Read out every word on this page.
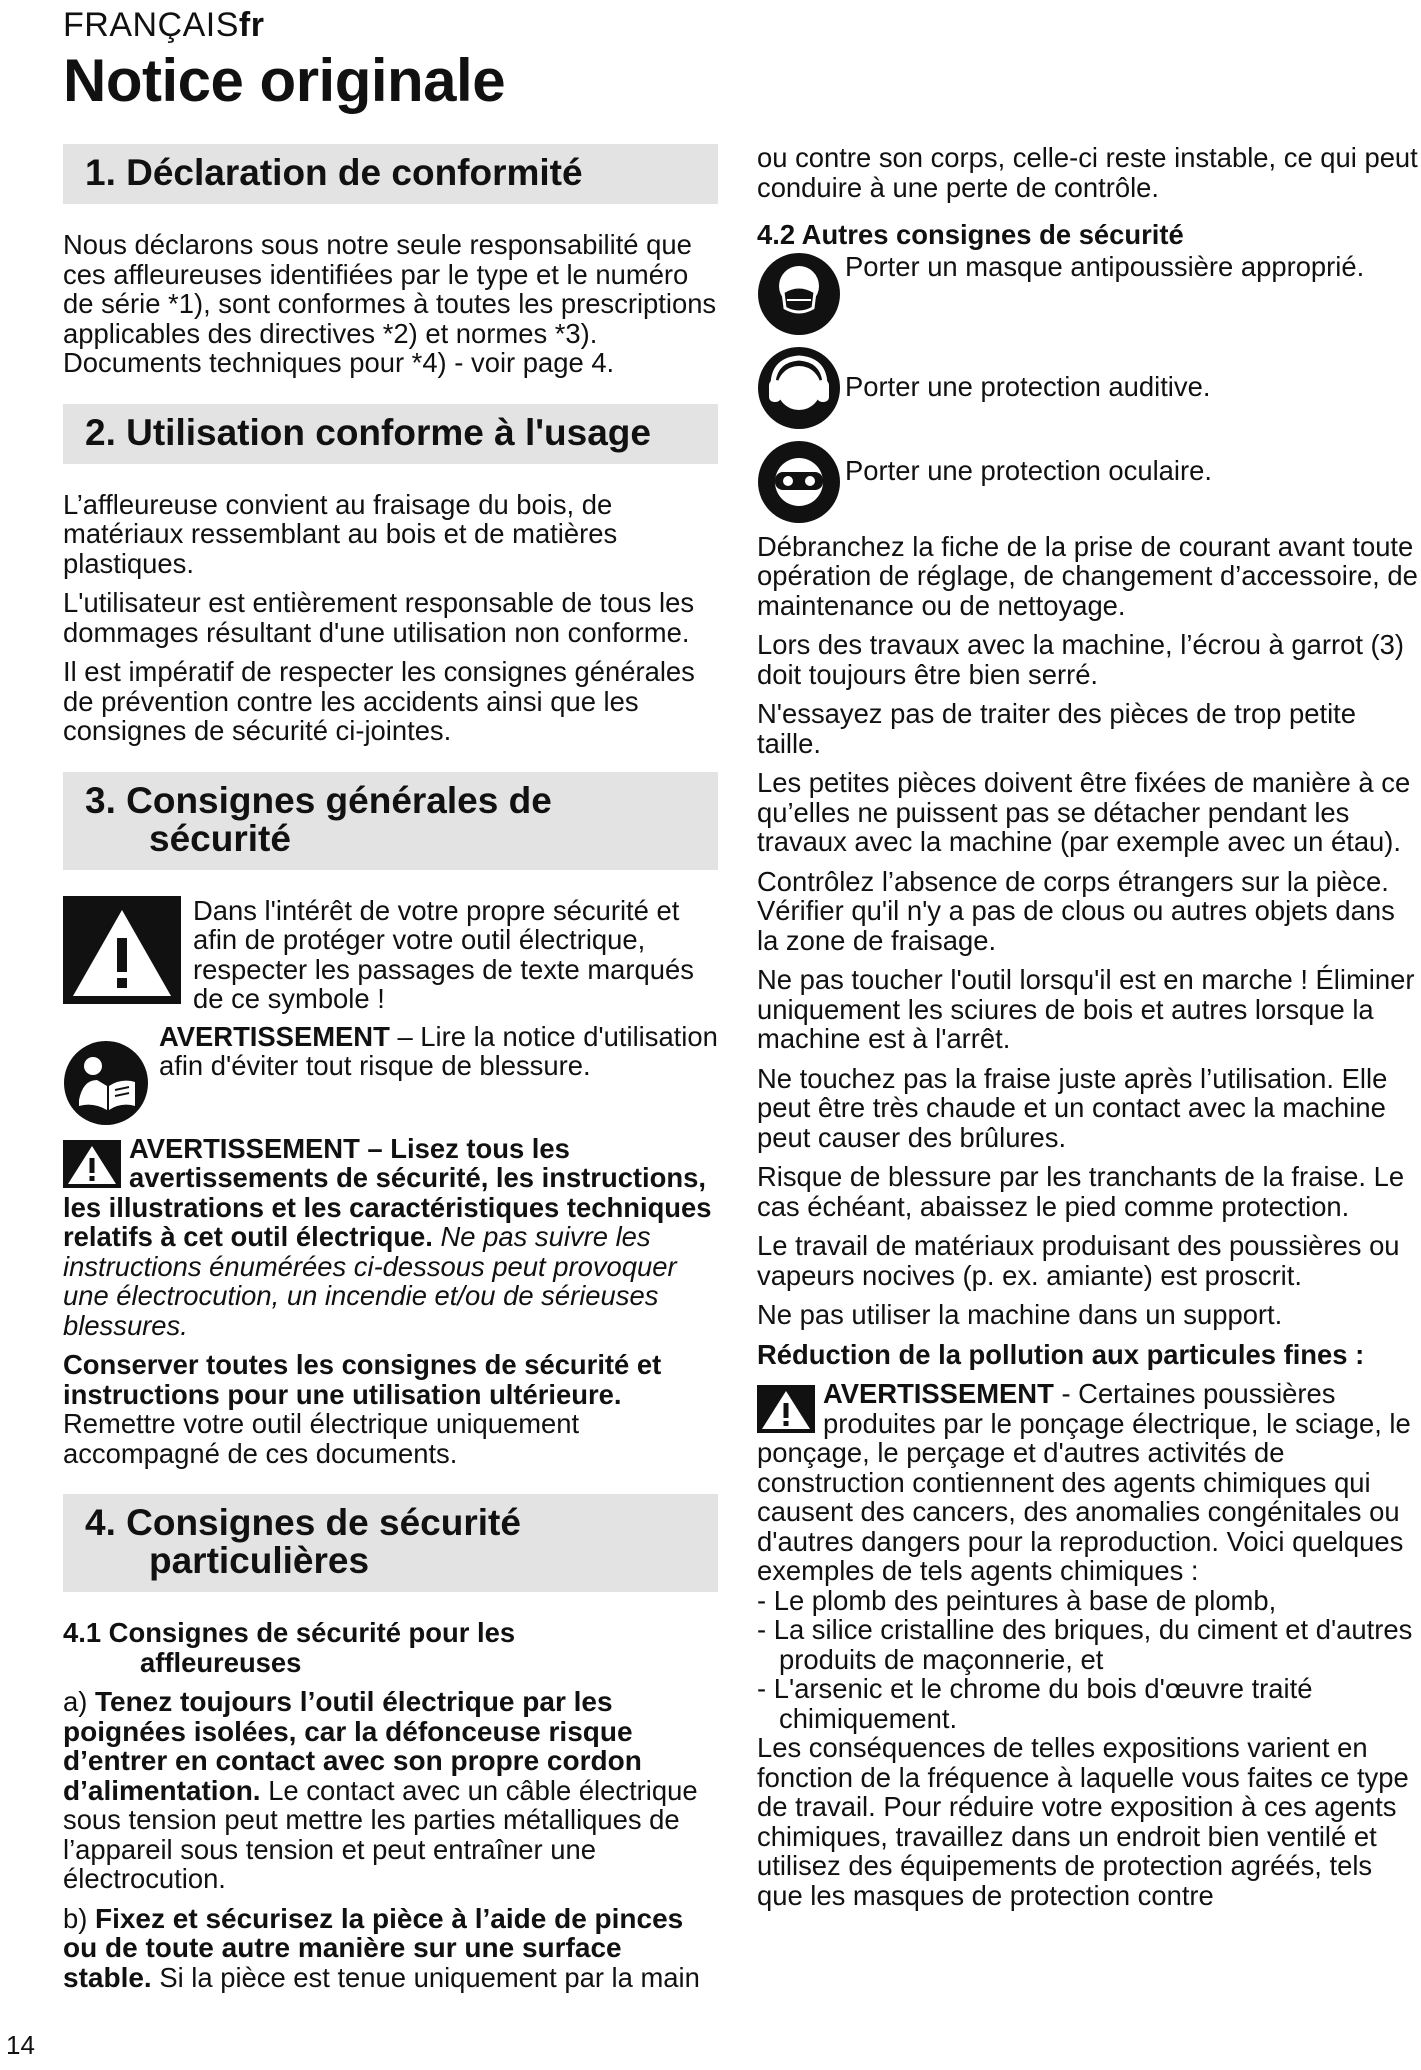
FRANÇAISfr
Notice originale
1. Déclaration de conformité

Nous déclarons sous notre seule responsabilité que ces affleureuses identifiées par le type et le numéro de série *1), sont conformes à toutes les prescriptions applicables des directives *2) et normes *3). Documents techniques pour *4) - voir page 4.

2. Utilisation conforme à l'usage

L’affleureuse convient au fraisage du bois, de matériaux ressemblant au bois et de matières plastiques.

L'utilisateur est entièrement responsable de tous les dommages résultant d'une utilisation non conforme.

Il est impératif de respecter les consignes générales de prévention contre les accidents ainsi que les consignes de sécurité ci-jointes.

3. Consignes générales de
sécurité
Dans l'intérêt de votre propre sécurité et afin de protéger votre outil électrique, respecter les passages de texte marqués de ce symbole !
AVERTISSEMENT – Lire la notice d'utilisation afin d'éviter tout risque de blessure.

AVERTISSEMENT – Lisez tous les avertissements de sécurité, les instructions, les illustrations et les caractéristiques techniques relatifs à cet outil électrique. Ne pas suivre les instructions énumérées ci-dessous peut provoquer une électrocution, un incendie et/ou de sérieuses blessures.

Conserver toutes les consignes de sécurité et instructions pour une utilisation ultérieure. Remettre votre outil électrique uniquement accompagné de ces documents.

4. Consignes de sécurité
particulières
4.1 Consignes de sécurité pour les
affleureuses

a) Tenez toujours l’outil électrique par les poignées isolées, car la défonceuse risque d’entrer en contact avec son propre cordon d’alimentation. Le contact avec un câble électrique sous tension peut mettre les parties métalliques de l’appareil sous tension et peut entraîner une électrocution.

b) Fixez et sécurisez la pièce à l’aide de pinces ou de toute autre manière sur une surface stable. Si la pièce est tenue uniquement par la main

ou contre son corps, celle-ci reste instable, ce qui peut conduire à une perte de contrôle.

4.2 Autres consignes de sécurité
Porter un masque antipoussière approprié.
Porter une protection auditive.
Porter une protection oculaire.

Débranchez la fiche de la prise de courant avant toute opération de réglage, de changement d’accessoire, de maintenance ou de nettoyage.

Lors des travaux avec la machine, l’écrou à garrot (3) doit toujours être bien serré.

N'essayez pas de traiter des pièces de trop petite taille.

Les petites pièces doivent être fixées de manière à ce qu’elles ne puissent pas se détacher pendant les travaux avec la machine (par exemple avec un étau).

Contrôlez l’absence de corps étrangers sur la pièce. Vérifier qu'il n'y a pas de clous ou autres objets dans la zone de fraisage.

Ne pas toucher l'outil lorsqu'il est en marche ! Éliminer uniquement les sciures de bois et autres lorsque la machine est à l'arrêt.

Ne touchez pas la fraise juste après l’utilisation. Elle peut être très chaude et un contact avec la machine peut causer des brûlures.

Risque de blessure par les tranchants de la fraise. Le cas échéant, abaissez le pied comme protection.

Le travail de matériaux produisant des poussières ou vapeurs nocives (p. ex. amiante) est proscrit.

Ne pas utiliser la machine dans un support.

Réduction de la pollution aux particules fines :

AVERTISSEMENT - Certaines poussières produites par le ponçage électrique, le sciage, le ponçage, le perçage et d'autres activités de construction contiennent des agents chimiques qui causent des cancers, des anomalies congénitales ou d'autres dangers pour la reproduction. Voici quelques exemples de tels agents chimiques :

- Le plomb des peintures à base de plomb,
- La silice cristalline des briques, du ciment et d'autres produits de maçonnerie, et
- L'arsenic et le chrome du bois d'œuvre traité chimiquement.

Les conséquences de telles expositions varient en fonction de la fréquence à laquelle vous faites ce type de travail. Pour réduire votre exposition à ces agents chimiques, travaillez dans un endroit bien ventilé et utilisez des équipements de protection agréés, tels que les masques de protection contre

14
